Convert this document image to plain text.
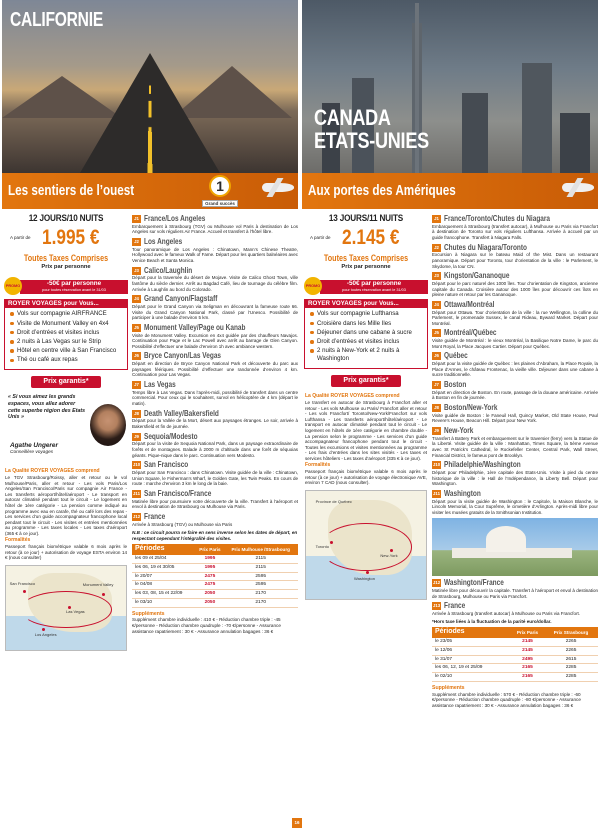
CALIFORNIE
Les sentiers de l’ouest	1
Grand succès
12 JOURS/10 NUITS
A partir de 1.995 €
Toutes Taxes Comprises
Prix par personne
-50€ par personne
pour toutes réservation avant le 31/03
PROMO
ROYER VOYAGES pour Vous...
Vols sur compagnie AIRFRANCE
Visite de Monument Valley en 4x4
Droit d’entrées et visites inclus
2 nuits à Las Vegas sur le Strip
Hôtel en centre ville à San Francisco
Thé ou café aux repas
Prix garantis*
« Si vous aimez les grands espaces, vous allez adorer cette superbe région des Etats Unis »
Agathe Ungerer
Conseillère voyages

La Qualité ROYER VOYAGES comprend

Le TGV Strasbourg/Roissy, aller et retour ou le vol Mulhouse/Paris, aller et retour - Les vols Paris/Los Angeles/San Francisco/Paris sur compagnie Air France - Les transferts aéroport/hôtel/aéroport - Le transport en autocar climatisé pendant tout le circuit - Le logement en hôtel de 1ère catégorie - La pension comme indiqué au programme avec eau en carafe, thé ou café lors des repas - Les services d’un guide accompagnateur francophone local pendant tout le circuit - Les visites et entrées mentionnées au programme - Les taxes locales - Les taxes d’aéroport (365 € à ce jour).

Formalités

Passeport français biométrique valable 6 mois après le retour (à ce jour) + autorisation de voyage ESTA environ 14 € (nous consulter)

San Francisco
Las Vegas
Los Angeles
Monument Valley
J1 France/Los Angeles
Embarquement à Strasbourg (TGV) ou Mulhouse vol Paris à destination de Los Angeles sur vols réguliers Air France. Accueil et transfert à l’hôtel libre.
J2 Los Angeles
Tour panoramique de Los Angeles : Chinatown, Mann’s Chinese Theatre, Hollywood avec le fameux Walk of Fame. Départ pour les quartiers balnéaires avec Venice Beach et Santa Monica.
J3 Calico/Laughlin
Départ pour la traversée du désert de Mojave. Visite de Calico Ghost Town, ville fantôme du siècle dernier. Arrêt au Bagdad Café, lieu de tournage du célèbre film. Arrivée à Laughlin au bord du Colorado.
J4 Grand Canyon/Flagstaff
Départ pour le Grand Canyon via Seligman en découvrant la fameuse route 66. Visite du Grand Canyon National Park, classé par l’Unesco. Possibilité de participer à une balade d’environ 5 km.
J5 Monument Valley/Page ou Kanab
Visite de Monument Valley. Excursion en 4x4 guidée par des chauffeurs Navajos. Continuation pour Page et le Lac Powell avec arrêt au barrage de Glen Canyon. Possibilité d’effectuer une balade d’environ 1h avec ambiance western.
J6 Bryce Canyon/Las Vegas
Départ en direction de Bryce Canyon National Park et découverte du parc aux paysages féériques. Possibilité d’effectuer une randonnée d’environ 4 km. Continuation pour Las Vegas.
J7 Las Vegas
Temps libre à Las Vegas. Dans l’après-midi, possibilité de transfert dans un centre commercial. Pour ceux qui le souhaitent, survol en hélicoptère de 4 km (départ le matin).
J8 Death Valley/Bakersfield
Départ pour la Vallée de la Mort, désert aux paysages étranges. Le soir, arrivée à Bakersfield et fin de journée.
J9 Sequoia/Modesto
Départ pour la visite de Sequoia National Park, dans un paysage extraordinaire de forêts et de montagnes. Balade à 2000 m d’altitude dans une forêt de séquoias géants. Pique-nique dans le parc. Continuation vers Modesto.
J10 San Francisco
Départ pour San Francisco : dans Chinatown. Visite guidée de la ville : Chinatown, Union Square, le Fisherman’s Wharf, le Golden Gate, les Twin Peaks. En cours de route : marche d’environ 3 km le long de la baie.
J11 San Francisco/France
Matinée libre pour poursuivre votre découverte de la ville. Transfert à l’aéroport et envol à destination de Strasbourg ou Mulhouse via Paris.
J12 France
Arrivée à Strasbourg (TGV) ou Mulhouse via Paris
N.B : ce circuit pourra se faire en sens inverse selon les dates de départ, en respectant cependant l’intégralité des visites.
Périodes	Prix Paris	Prix Mulhouse /Strasbourg
les 09 et 25/04	1995	2115
les 06, 19 et 30/05	1995	2115
le 20/07	2475	2595
le 04/08	2475	2595
les 03, 08, 15 et 22/09	2050	2170
le 03/10	2050	2170
Suppléments
Supplément chambre individuelle : 410 € - Réduction chambre triple : -45 €/personne - Réduction chambre quadruple : -70 €/personne - Assurance assistance rapatriement : 30 € - Assurance annulation bagages : 36 €
CANADA
ETATS-UNIES
Aux portes des Amériques
13 JOURS/11 NUITS
A partir de 2.145 €
Toutes Taxes Comprises
Prix par personne
-50€ par personne
pour toutes réservation avant le 31/03
PROMO
ROYER VOYAGES pour Vous...
Vols sur compagnie Lufthansa
Croisière dans les Mille Iles
Déjeuner dans une cabane à sucre
Droit d’entrées et visites inclus
2 nuits à New-York et 2 nuits à Washington
Prix garantis*

La Qualité ROYER VOYAGES comprend

Le transfert en autocar de Strasbourg à Francfort aller et retour - Les vols Mulhouse ou Paris/ Francfort aller et retour - Les vols Francfort/ Toronto/New-York/Francfort sur vols Lufthansa - Les transferts aéroport/hôtel/aéroport - Le transport en autocar climatisé pendant tout le circuit - Le logement en hôtels de 1ère catégorie en chambre double - La pension selon le programme - Les services d’un guide accompagnateur francophone pendant tout le circuit - Toutes les excursions et visites mentionnées au programme - Les frais d’entrées dans les sites visités - Les taxes et services hôteliers - Les taxes d’aéroport (335 € à ce jour).

Formalités

Passeport français biométrique valable 6 mois après le retour (à ce jour) + autorisation de voyage électronique AVE, environ 7 CAD (nous consulter).

Province de Québec
Toronto
New-York
Washington
J1 France/Toronto/Chutes du Niagara
Embarquement à Strasbourg (transfert autocar), à Mulhouse ou Paris via Francfort à destination de Toronto sur vols réguliers Lufthansa. Arrivée à accueil par un guide francophone. Transfert à Niagara Falls.
J2 Chutes du Niagara/Toronto
Excursion à Niagara sur le bateau Maid of the Mist. Dans un restaurant panoramique. Départ pour Toronto, tour d’orientation de la ville : le Parlement, le Skydome, la tour CN.
J3 Kingston/Gananoque
Départ pour le parc naturel des 1000 îles. Tour d’orientation de Kingston, ancienne capitale du Canada. Croisière autour des 1000 îles pour découvrir ces îlots en pleine nature et retour par les Gananoque.
J4 Ottawa/Montréal
Départ pour Ottawa. Tour d’orientation de la ville : la rue Wellington, la colline du Parlement, le promenade Sussex, le canal Rideau, Byward Market. Départ pour Montréal.
J5 Montréal/Québec
Visite guidée de Montréal : le vieux Montréal, la Basilique Notre Dame, le parc du Mont Royal, la Place Jacques Cartier. Départ pour Québec.
J6 Québec
Départ pour la visite guidée de Québec : les plaines d’Abraham, la Place Royale, la Place d’Armes, le château Frontenac, la vieille ville. Déjeuner dans une cabane à sucre traditionnelle.
J7 Boston
Départ en direction de Boston. En route, passage de la douane américaine. Arrivée à Boston en fin de journée.
J8 Boston/New-York
Visite guidée de Boston : le Faneuil Hall, Quincy Market, Old State House, Paul Revere’s House, Beacon Hill. Départ pour New York.
J9 New-York
Transfert à Battery Park et embarquement sur le traversier (ferry) vers la Statue de la Liberté. Visite guidée de la ville : Manhattan, Times Square, la 5ème Avenue avec St Patrick’s Cathedral, le Rockefeller Center, Central Park, Wall Street, Financial District, le fameux pont de Brooklyn.
J10 Philadelphie/Washington
Départ pour Philadelphie, 1ère capitale des Etats-Unis. Visite à pied du centre historique de la ville : le Hall de l’Indépendance, la Liberty Bell. Départ pour Washington.
J11 Washington
Départ pour la visite guidée de Washington : le Capitole, la Maison Blanche, le Lincoln Memorial, la Cour Suprême, le cimetière d’Arlington. Après-midi libre pour visiter les musées gratuits de la Smithsonian Institution.
J12 Washington/France
Matinée libre pour découvrir la capitale. Transfert à l’aéroport et envol à destination de Strasbourg, Mulhouse ou Paris via Francfort.
J13 France
Arrivée à Strasbourg (transfert autocar) à Mulhouse ou Paris via Francfort.
*Hors taxe liées à la fluctuation de la parité euro/dollar.
Périodes	Prix Paris	Prix Strasbourg
le 23/05	2145	2265
le 12/06	2145	2265
le 31/07	2495	2615
les 06, 12, 19 et 25/09	2165	2285
le 02/10	2165	2285
Suppléments
Supplément chambre individuelle : 570 € - Réduction chambre triple : -60 €/personne - Réduction chambre quadruple : -80 €/personne - Assurance assistance rapatriement : 30 € - Assurance annulation bagages : 36 €
16
